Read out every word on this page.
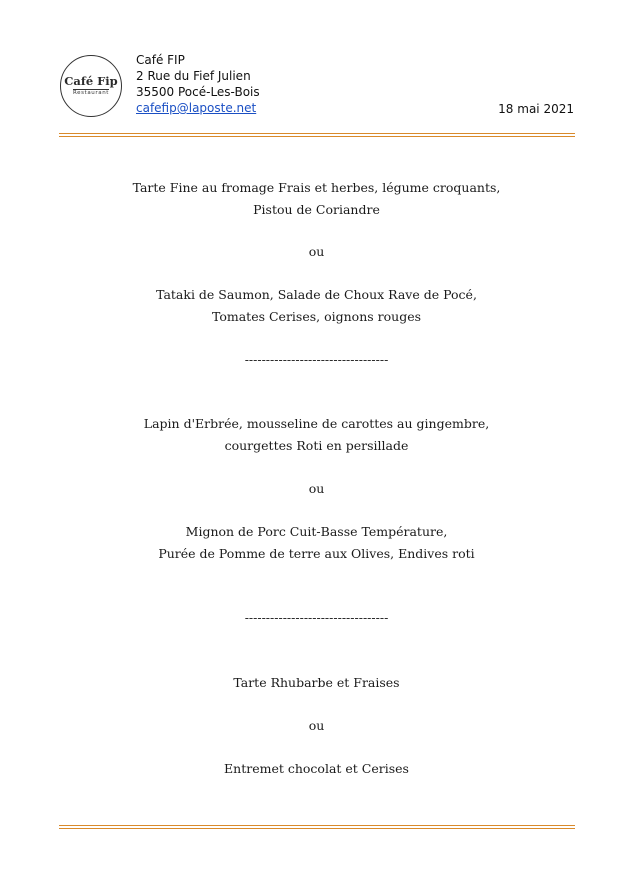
Café Fip
Restaurant
Café FIP
2 Rue du Fief Julien
35500 Pocé-Les-Bois
cafefip@laposte.net	18 mai 2021
Tarte Fine au fromage Frais et herbes, légume croquants,
Pistou de Coriandre
ou
Tataki de Saumon, Salade de Choux Rave de Pocé,
Tomates Cerises, oignons rouges
----------------------------------
Lapin d'Erbrée, mousseline de carottes au gingembre,
courgettes Roti en persillade
ou
Mignon de Porc Cuit-Basse Température,
Purée de Pomme de terre aux Olives, Endives roti
----------------------------------
Tarte Rhubarbe et Fraises
ou
Entremet chocolat et Cerises
